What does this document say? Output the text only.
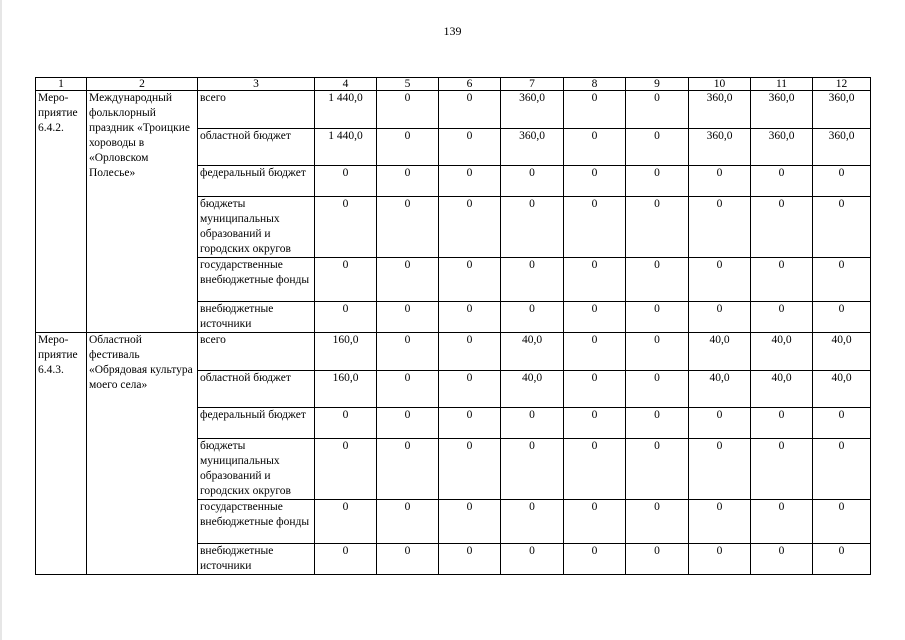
139
1	2	3	4	5	6	7	8	9	10	11	12
Меро-приятие 6.4.2.	Международный фольклорный праздник «Троицкие хороводы в «Орловском Полесье»	всего	1 440,0	0	0	360,0	0	0	360,0	360,0	360,0
		областной бюджет	1 440,0	0	0	360,0	0	0	360,0	360,0	360,0
		федеральный бюджет	0	0	0	0	0	0	0	0	0
		бюджеты муниципальных образований и городских округов	0	0	0	0	0	0	0	0	0
		государственные внебюджетные фонды	0	0	0	0	0	0	0	0	0
		внебюджетные источники	0	0	0	0	0	0	0	0	0
Меро-приятие 6.4.3.	Областной фестиваль «Обрядовая культура моего села»	всего	160,0	0	0	40,0	0	0	40,0	40,0	40,0
		областной бюджет	160,0	0	0	40,0	0	0	40,0	40,0	40,0
		федеральный бюджет	0	0	0	0	0	0	0	0	0
		бюджеты муниципальных образований и городских округов	0	0	0	0	0	0	0	0	0
		государственные внебюджетные фонды	0	0	0	0	0	0	0	0	0
		внебюджетные источники	0	0	0	0	0	0	0	0	0
